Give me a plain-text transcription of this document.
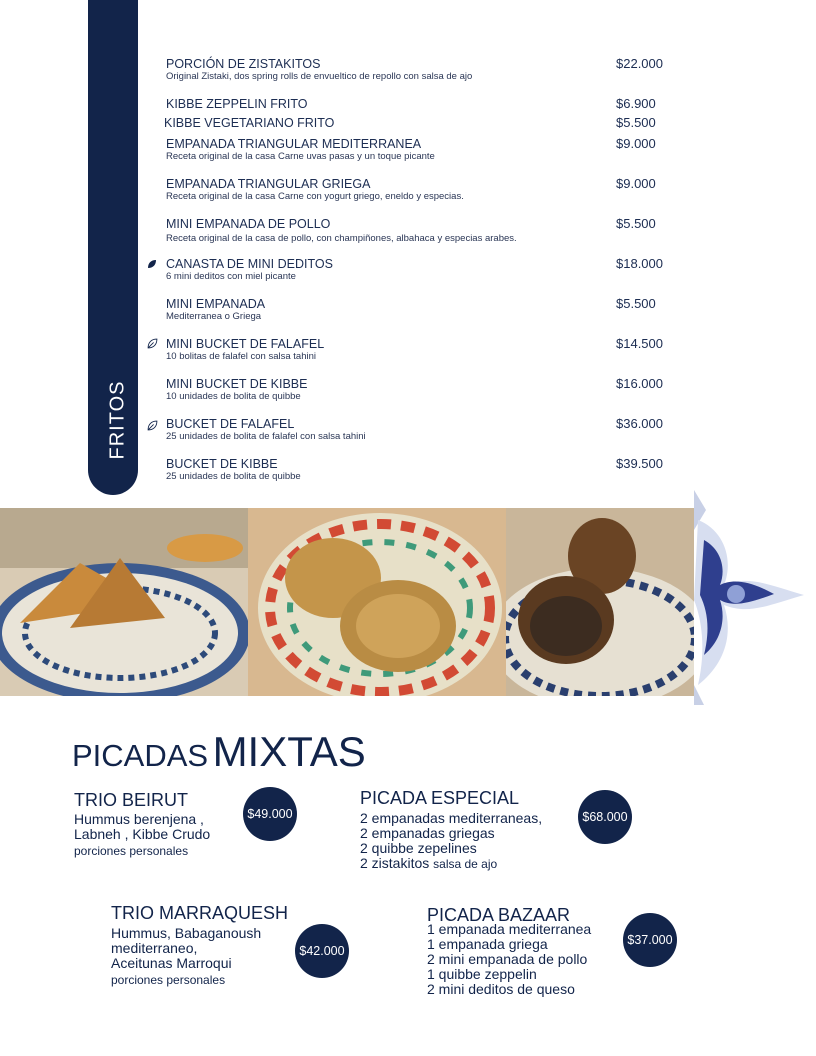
FRITOS
PORCIÓN DE ZISTAKITOS
Original Zistaki, dos spring rolls de envueltico de repollo con salsa de ajo
$22.000
KIBBE ZEPPELIN FRITO	$6.900
KIBBE VEGETARIANO FRITO	$5.500
EMPANADA TRIANGULAR MEDITERRANEA
Receta original de la casa Carne uvas pasas y un toque picante
$9.000
EMPANADA TRIANGULAR GRIEGA
Receta original de la casa Carne con yogurt griego, eneldo y especias.
$9.000
MINI EMPANADA DE POLLO
Receta original de la casa de pollo, con champiñones, albahaca y especias arabes.
$5.500
CANASTA DE MINI DEDITOS
6 mini deditos con miel picante
$18.000
MINI EMPANADA
Mediterranea o Griega
$5.500
MINI BUCKET DE FALAFEL
10 bolitas de falafel con salsa tahini
$14.500
MINI BUCKET DE KIBBE
10 unidades de bolita de quibbe
$16.000
BUCKET DE FALAFEL
25 unidades de bolita de falafel con salsa tahini
$36.000
BUCKET DE KIBBE
25 unidades de bolita de quibbe
$39.500
PICADAS MIXTAS
TRIO BEIRUT
Hummus berenjena ,
Labneh , Kibbe Crudo
porciones personales
$49.000
PICADA ESPECIAL
2 empanadas mediterraneas,
2 empanadas griegas
2 quibbe zepelines
2 zistakitos salsa de ajo
$68.000
TRIO MARRAQUESH
Hummus, Babaganoush
mediterraneo,
Aceitunas Marroqui
porciones personales
$42.000
PICADA BAZAAR
1 empanada mediterranea
1 empanada griega
2 mini empanada de pollo
1 quibbe zeppelin
2 mini deditos de queso
$37.000
